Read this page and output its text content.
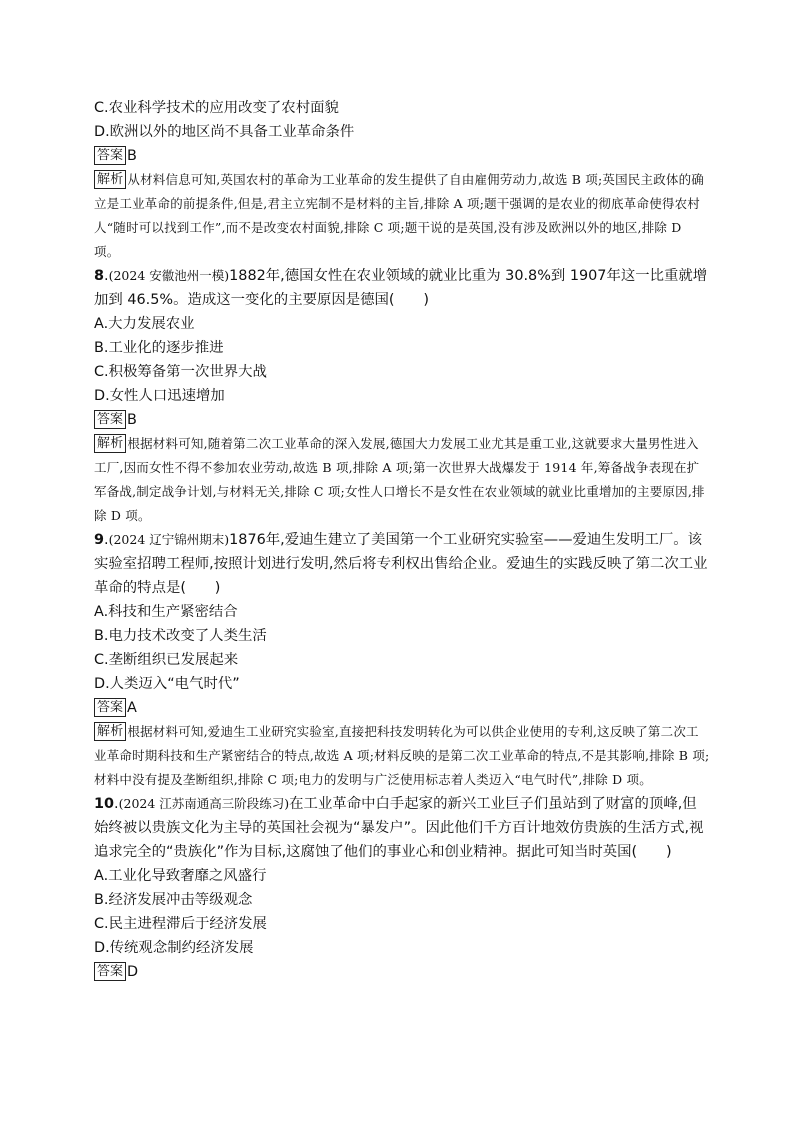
C.农业科学技术的应用改变了农村面貌
D.欧洲以外的地区尚不具备工业革命条件
答案 B

解析 从材料信息可知,英国农村的革命为工业革命的发生提供了自由雇佣劳动力,故选 B 项;英国民主政体的确立是工业革命的前提条件,但是,君主立宪制不是材料的主旨,排除 A 项;题干强调的是农业的彻底革命使得农村人“随时可以找到工作”,而不是改变农村面貌,排除 C 项;题干说的是英国,没有涉及欧洲以外的地区,排除 D 项。

8.(2024 安徽池州一模)1882年,德国女性在农业领域的就业比重为 30.8%到 1907年这一比重就增加到 46.5%。造成这一变化的主要原因是德国(　　)

A.大力发展农业
B.工业化的逐步推进
C.积极筹备第一次世界大战
D.女性人口迅速增加
答案 B

解析 根据材料可知,随着第二次工业革命的深入发展,德国大力发展工业尤其是重工业,这就要求大量男性进入工厂,因而女性不得不参加农业劳动,故选 B 项,排除 A 项;第一次世界大战爆发于 1914 年,筹备战争表现在扩军备战,制定战争计划,与材料无关,排除 C 项;女性人口增长不是女性在农业领域的就业比重增加的主要原因,排除 D 项。

9.(2024 辽宁锦州期末)1876年,爱迪生建立了美国第一个工业研究实验室——爱迪生发明工厂。该实验室招聘工程师,按照计划进行发明,然后将专利权出售给企业。爱迪生的实践反映了第二次工业革命的特点是(　　)

A.科技和生产紧密结合
B.电力技术改变了人类生活
C.垄断组织已发展起来
D.人类迈入“电气时代”
答案 A

解析 根据材料可知,爱迪生工业研究实验室,直接把科技发明转化为可以供企业使用的专利,这反映了第二次工业革命时期科技和生产紧密结合的特点,故选 A 项;材料反映的是第二次工业革命的特点,不是其影响,排除 B 项;材料中没有提及垄断组织,排除 C 项;电力的发明与广泛使用标志着人类迈入“电气时代”,排除 D 项。

10.(2024 江苏南通高三阶段练习)在工业革命中白手起家的新兴工业巨子们虽站到了财富的顶峰,但始终被以贵族文化为主导的英国社会视为“暴发户”。因此他们千方百计地效仿贵族的生活方式,视追求完全的“贵族化”作为目标,这腐蚀了他们的事业心和创业精神。据此可知当时英国(　　)

A.工业化导致奢靡之风盛行
B.经济发展冲击等级观念
C.民主进程滞后于经济发展
D.传统观念制约经济发展
答案 D
